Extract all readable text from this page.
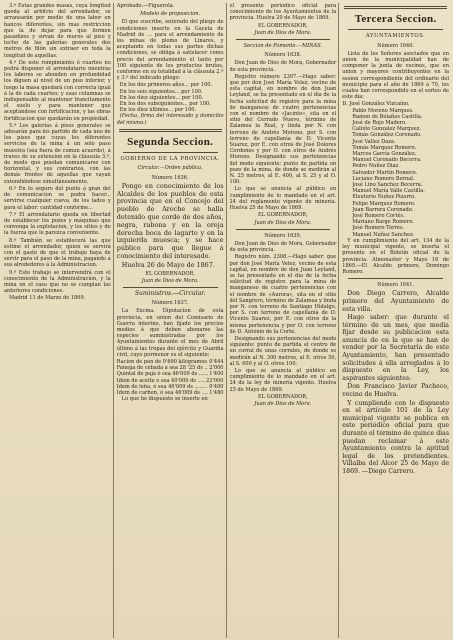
3.ª Estas grandes masas, cuya longitud queda al arbitrio del arrendador, se arranearán por medio de una labor en bancos diferentes, sin mas restriccion que la de dejar para que formen pasadizos y sirvan de muros al piso y techo de las galerías generales dos metros de filón sin extraer en toda la longitud de aquellas.

4.ª De este rompimiento ó cuarteo no podrá disponer el arrendatario mientras los labores se ahonden en profundidad los diguen al nivel de un piso inferior, y luego la masa quedará con correcta igual á la de cada cuarteo; y esas columnas se indispensable al mantener trancitamente el suelo y para mantener que aceptándose con fortificacion, y las obras fortificacion que quedarán en propiedad.

5.ª Los galerías á pisos generales se adosarán para los partido de cada uno de los pisos que cuyas los diferentes servicios de la mina á un solo paso muestra (sea fuera de comun acuerdo), á traves de su extension en la cláusula 3.ª, de modo que puedan comunicarse con horizontal, y sus contrarios, con las demás frentes de aquellas que vayan extendiéndose simultáneamente.

6.ª En lo seguro del punto á gran del de comunicacion se podrá hacer... servirse cualquier cueva, de los lados y para el labor: cantidad conforme...

7.ª El arrendatario queda en libertad de establecer los pozos y máquinas que convenga la explotacion, y los sitios y de la fuerza que le parezca conveniente.

8.ª También se establecerá las que estime el arrendador, quien se servirá con el gasto de que el trabajo haya de servir para el paso de la mina, pagando á sus alrededores á la Administracion.

9.ª Este trabajo se intervendrá con el conocimiento de la Administracion, y la mina en el caso que no se cumplan las anteriores condiciones.

Madrid 11 de Marzo de 1869.

Aprobado.—Figuerola.

Modelo de proposicion.

El que suscribe, enterado del pliego de condiciones inserto en la Gaceta de Madrid de ... para el arrendamiento de los minas de plomo de Linares, y aceptando en todas sus partes dichas condiciones, se obliga á satisfacer como precio del arrendamiento el tanto por 100 siguiente de los productos brutos, conforme en su totalidad á la cláusula 2.ª y 3.ª del indicado pliego:

En los dos primeros años... por 100.

En los seis siguientes... por 100.

En los diez siguientes... por 100.

En los dos subsiguientes... por 100.

En los diez últimos... por 100.

(Fecha, firma del interesado y domicilio del mismo.)

Segunda Seccion.
GOBIERNO DE LA PROVINCIA.

Circular.—Orden pública.

Número 1636.

Pongo en conocimiento de los Alcaldes de los pueblos de esta provincia que en el Concejo del pueblo de Aroche se halla detenido que corde de dos años, negra, rabona y en la oreja derecha boca de lagarto y en la izquierda muesca; y se hace público para que llegue á conocimiento del interesado.

Huelva 26 de Mayo de 1867.

EL GOBERNADOR,

Juan de Dios de Mora.

Suministros.—Circular.

Número 1637.

La Excma. Diputacion de esta provincia, en union del Comisario de Guerra interino, han fijado los precios medios á que deben abonarse las especies suministradas por los Ayuntamientos durante el mes de Abril último á las tropas del ejército y Guardia civil, cuyo pormenor es el siguiente:

Racion de pan de 0'690 kilógramos ..... 0'444
Fanega de cebada á sea 28 '25 ds .....	2'000
Quintal de paja ó sea 46'009 ds .....	1'400
Idem de aceite ó sea 40'009 ds .....	23'000
Idem de leña, ó sea 46'009 ds .....	0'400
Idem de carbon, ó sea 46'009 ds .....	1'480

Lo que he dispuesto se inserte en

el presente periódico oficial para conocimiento de los Ayuntamientos de la provincia. Huelva 20 de Mayo de 1869.

EL GOBERNADOR,

Juan de Dios de Mora.

Seccion de Fomento.—MINAS.

Número 1638.

Don Juan de Dios de Mora, Gobernador de esta provincia.

Registro número 2307.—Hago saber: que por don José María Velez, vecino de esta capital, en nombre de don Juan Leyland, se ha presentado en el dia de la fecha solicitud de registro para la mina de manganeso de cuatro pertenencias con el nombre de «Jacinto», sita en el sitio del Cerrado Nuevo, término de Zalamea la Real, y linda por N. con terreno de Andrés Moreno, por S. con terreno de capellanía de D. Vicente Suarez, por E. con otros de José Dolores Cordones y por O. con otros de Andrés Moreno. Designando sus pertenencias del modo siguiente: punto de partida un pozo de la mina, de donde se medirán al N. 25 metros, al E. 400, al S. 25 y al O. 100.

Lo que se anuncia al público en cumplimiento de lo mandado en el art. 24 del reglamento vigente de minería. Huelva 25 de Mayo de 1869.

EL GOBERNADOR,

Juan de Dios de Mora.

Número 1639.

Don Juan de Dios de Mora, Gobernador de esta provincia.

Registro núm. 2308.—Hago saber: que por don José María Velez, vecino de esta capital, en nombre de don Juan Leyland, se ha presentado en el dia de la fecha solicitud de registro para la mina de manganeso de cuatro pertenencias con el nombre de «Aurora», sita en el sitio del Sangrero, término de Zalamea y linda por N. con terreno de Santiago Hidalgo, por S. con terreno de capellanía de D. Vicente Suarez, por E. con otros de la misma pertenencia y por O. con terreno de D. Antonio de la Corte.

Designando sus pertenencias del modo siguiente: punto de partida el centro de un corral de unas corrales, de donde se medirán al N. 300 metros, al E. otros 50, al S. 600 y al O. otros 100.

Lo que se anuncia al público en cumplimiento de lo mandado en el art. 24 de la ley de minería vigente. Huelva 25 de Mayo de 1869.

EL GOBERNADOR,

Juan de Dios de Mora.

Tercera Seccion.
AYUNTAMIENTOS.

Número 1640.

Lista de los Señores asociados que en union de la municipalidad han de componer la junta de vecinos, que en union y mayores contribuyentes en la sesion correspondiente del ordinario del municipio para el año de 1869 á 70, los cuales han correspondido en el sorteo de este dia:

D. José González Vizcaíno.

Pablo Moreno Marques.

Ramon de Bolaños Castilla.

José de Rojo Madero.

Calixto Gonzalez Marquez.

Tomás González Coronado.

José Vallez Daza.

Tomás Marquez Romero.

Marcos García González.

Manuel Coronado Becerra.

Pedro Nuñez Diaz.

Salvador Martín Romero.

Luciano Romero Bernal.

José Lino Sanchez Becerra.

Manuel María Valle Castilla.

Eleuterio Nuñez Pizarro.

Felipe Marquez Romero.

Juan Barrera Coronado.

José Romero Cortés.

Mariano Barge Romero.

José Romero Torres.

Manuel Nuñez Sanchez.

Y en cumplimiento del art. 134 de la ley municipal vigente, se inserta el presente en el Boletín oficial de la provincia. Almonaster y Mayo 16 de 1869.—El Alcalde primero, Domingo Romero.

Número 1641.

Don Diego Carrero, Alcalde primero del Ayuntamiento de esta villa.

Hago saber: que durante el término de un mes, que media fijar desde su publicacion esta anuncia de en la que se han de vender por la Secretaría de este Ayuntamiento, han presentado solicitudes á ella arreglados á lo dispuesto en la Ley, los aspirantes siguientes:

Don Francisco Javier Pacheco, vecino de Huelva.

Y cumpliendo con lo dispuesto en el artículo 101 de la Ley municipal vigente se publica en este periódico oficial para que durante el término de quince dias puedan reclamar á este Ayuntamiento contra la aptitud legal de los pretendientes. Villalba del Alcor 25 de Mayo de 1869. —Diego Carrero.
